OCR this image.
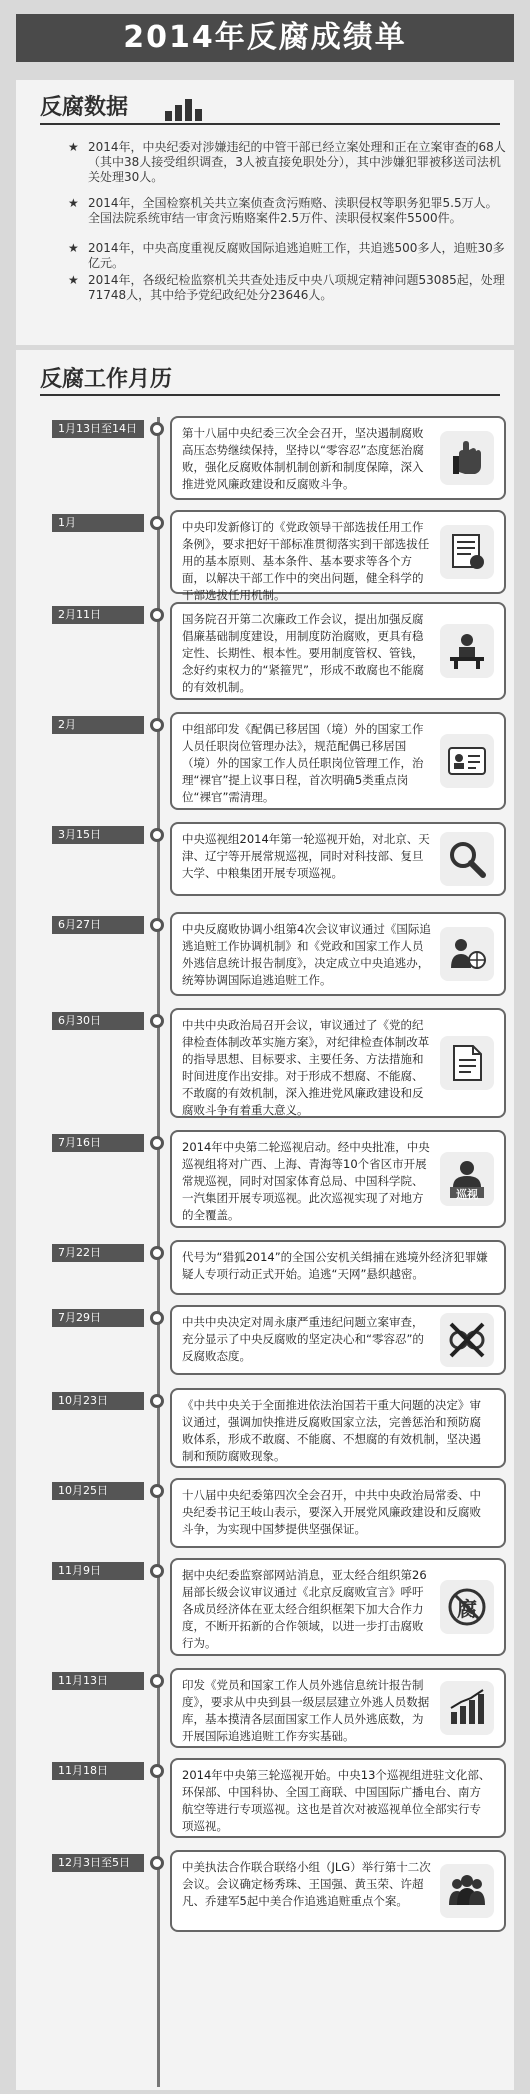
2014年反腐成绩单
反腐数据
★ 2014年，中央纪委对涉嫌违纪的中管干部已经立案处理和正在立案审查的68人（其中38人接受组织调查，3人被直接免职处分），其中涉嫌犯罪被移送司法机关处理30人。
★ 2014年，全国检察机关共立案侦查贪污贿赂、渎职侵权等职务犯罪5.5万人。全国法院系统审结一审贪污贿赂案件2.5万件、渎职侵权案件5500件。
★ 2014年，中央高度重视反腐败国际追逃追赃工作，共追逃500多人，追赃30多亿元。
★ 2014年，各级纪检监察机关共查处违反中央八项规定精神问题53085起，处理71748人，其中给予党纪政纪处分23646人。
反腐工作月历
1月13日至14日	第十八届中央纪委三次全会召开，坚决遏制腐败高压态势继续保持，坚持以“零容忍”态度惩治腐败，强化反腐败体制机制创新和制度保障，深入推进党风廉政建设和反腐败斗争。
1月	中央印发新修订的《党政领导干部选拔任用工作条例》，要求把好干部标准贯彻落实到干部选拔任用的基本原则、基本条件、基本要求等各个方面，以解决干部工作中的突出问题，健全科学的干部选拔任用机制。
2月11日	国务院召开第二次廉政工作会议，提出加强反腐倡廉基础制度建设，用制度防治腐败，更具有稳定性、长期性、根本性。要用制度管权、管钱，念好约束权力的“紧箍咒”，形成不敢腐也不能腐的有效机制。
2月	中组部印发《配偶已移居国（境）外的国家工作人员任职岗位管理办法》，规范配偶已移居国（境）外的国家工作人员任职岗位管理工作，治理“裸官”提上议事日程，首次明确5类重点岗位“裸官”需清理。
3月15日	中央巡视组2014年第一轮巡视开始，对北京、天津、辽宁等开展常规巡视，同时对科技部、复旦大学、中粮集团开展专项巡视。
6月27日	中央反腐败协调小组第4次会议审议通过《国际追逃追赃工作协调机制》和《党政和国家工作人员外逃信息统计报告制度》，决定成立中央追逃办，统筹协调国际追逃追赃工作。
6月30日	中共中央政治局召开会议，审议通过了《党的纪律检查体制改革实施方案》，对纪律检查体制改革的指导思想、目标要求、主要任务、方法措施和时间进度作出安排。对于形成不想腐、不能腐、不敢腐的有效机制，深入推进党风廉政建设和反腐败斗争有着重大意义。
7月16日	2014年中央第二轮巡视启动。经中央批准，中央巡视组将对广西、上海、青海等10个省区市开展常规巡视，同时对国家体育总局、中国科学院、一汽集团开展专项巡视。此次巡视实现了对地方的全覆盖。
巡视
7月22日	代号为“猎狐2014”的全国公安机关缉捕在逃境外经济犯罪嫌疑人专项行动正式开始。追逃“天网”悬织越密。
7月29日	中共中央决定对周永康严重违纪问题立案审查，充分显示了中央反腐败的坚定决心和“零容忍”的反腐败态度。
10月23日	《中共中央关于全面推进依法治国若干重大问题的决定》审议通过，强调加快推进反腐败国家立法，完善惩治和预防腐败体系，形成不敢腐、不能腐、不想腐的有效机制，坚决遏制和预防腐败现象。
10月25日	十八届中央纪委第四次全会召开，中共中央政治局常委、中央纪委书记王岐山表示，要深入开展党风廉政建设和反腐败斗争，为实现中国梦提供坚强保证。
11月9日	据中央纪委监察部网站消息，亚太经合组织第26届部长级会议审议通过《北京反腐败宣言》呼吁各成员经济体在亚太经合组织框架下加大合作力度，不断开拓新的合作领域，以进一步打击腐败行为。
腐
11月13日	印发《党员和国家工作人员外逃信息统计报告制度》，要求从中央到县一级层层建立外逃人员数据库，基本摸清各层面国家工作人员外逃底数，为开展国际追逃追赃工作夯实基础。
11月18日	2014年中央第三轮巡视开始。中央13个巡视组进驻文化部、环保部、中国科协、全国工商联、中国国际广播电台、南方航空等进行专项巡视。这也是首次对被巡视单位全部实行专项巡视。
12月3日至5日	中美执法合作联合联络小组（JLG）举行第十二次会议。会议确定杨秀珠、王国强、黄玉荣、许超凡、乔建军5起中美合作追逃追赃重点个案。
